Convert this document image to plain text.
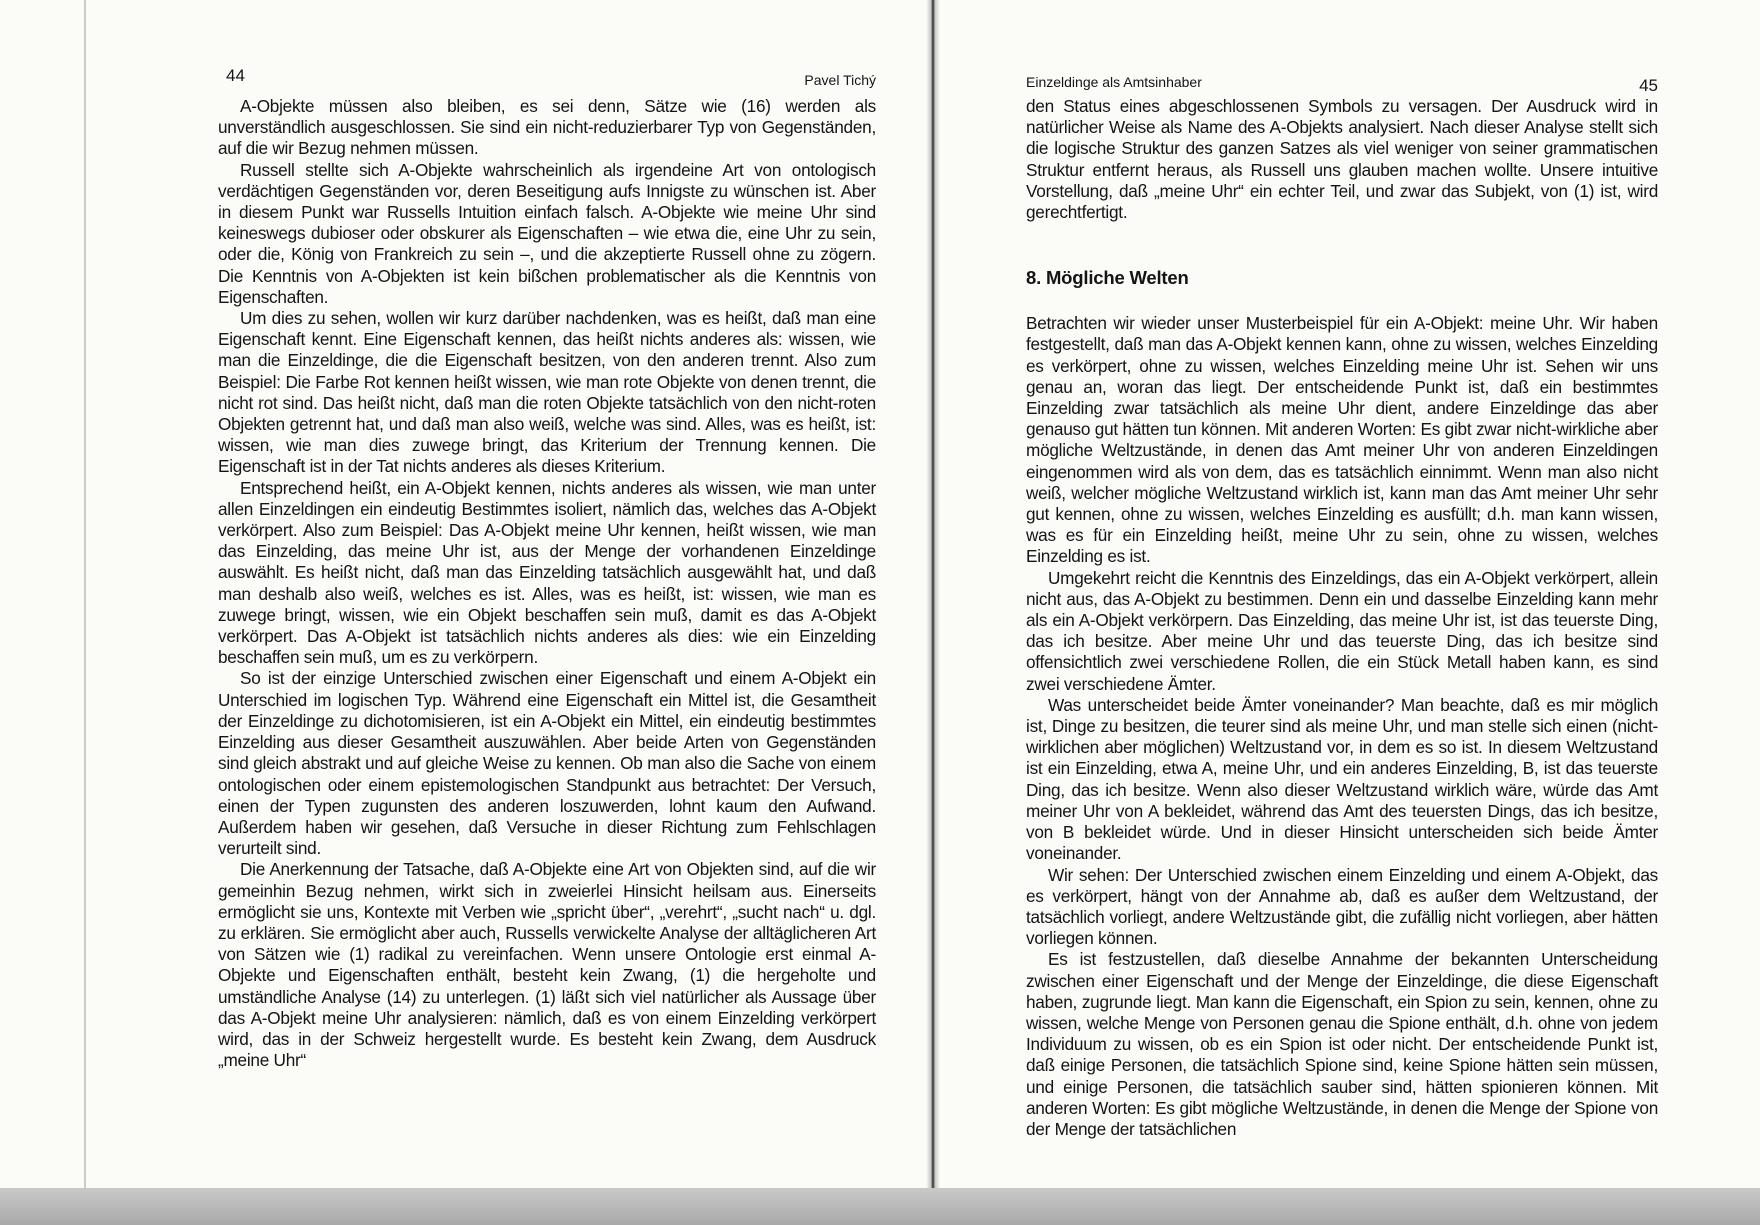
44	Pavel Tichý

A-Objekte müssen also bleiben, es sei denn, Sätze wie (16) werden als unverständlich ausgeschlossen. Sie sind ein nicht-reduzierbarer Typ von Gegenständen, auf die wir Bezug nehmen müssen.

Russell stellte sich A-Objekte wahrscheinlich als irgendeine Art von ontologisch verdächtigen Gegenständen vor, deren Beseitigung aufs Innigste zu wünschen ist. Aber in diesem Punkt war Russells Intuition einfach falsch. A-Objekte wie meine Uhr sind keineswegs dubioser oder obskurer als Eigenschaften – wie etwa die, eine Uhr zu sein, oder die, König von Frankreich zu sein –, und die akzeptierte Russell ohne zu zögern. Die Kenntnis von A-Objekten ist kein bißchen problematischer als die Kenntnis von Eigenschaften.

Um dies zu sehen, wollen wir kurz darüber nachdenken, was es heißt, daß man eine Eigenschaft kennt. Eine Eigenschaft kennen, das heißt nichts anderes als: wissen, wie man die Einzeldinge, die die Eigenschaft besitzen, von den anderen trennt. Also zum Beispiel: Die Farbe Rot kennen heißt wissen, wie man rote Objekte von denen trennt, die nicht rot sind. Das heißt nicht, daß man die roten Objekte tatsächlich von den nicht-roten Objekten getrennt hat, und daß man also weiß, welche was sind. Alles, was es heißt, ist: wissen, wie man dies zuwege bringt, das Kriterium der Trennung kennen. Die Eigenschaft ist in der Tat nichts anderes als dieses Kriterium.

Entsprechend heißt, ein A-Objekt kennen, nichts anderes als wissen, wie man unter allen Einzeldingen ein eindeutig Bestimmtes isoliert, nämlich das, welches das A-Objekt verkörpert. Also zum Beispiel: Das A-Objekt meine Uhr kennen, heißt wissen, wie man das Einzelding, das meine Uhr ist, aus der Menge der vorhandenen Einzeldinge auswählt. Es heißt nicht, daß man das Einzelding tatsächlich ausgewählt hat, und daß man deshalb also weiß, welches es ist. Alles, was es heißt, ist: wissen, wie man es zuwege bringt, wissen, wie ein Objekt beschaffen sein muß, damit es das A-Objekt verkörpert. Das A-Objekt ist tatsächlich nichts anderes als dies: wie ein Einzelding beschaffen sein muß, um es zu verkörpern.

So ist der einzige Unterschied zwischen einer Eigenschaft und einem A-Objekt ein Unterschied im logischen Typ. Während eine Eigenschaft ein Mittel ist, die Gesamtheit der Einzeldinge zu dichotomisieren, ist ein A-Objekt ein Mittel, ein eindeutig bestimmtes Einzelding aus dieser Gesamtheit auszuwählen. Aber beide Arten von Gegenständen sind gleich abstrakt und auf gleiche Weise zu kennen. Ob man also die Sache von einem ontologischen oder einem epistemologischen Standpunkt aus betrachtet: Der Versuch, einen der Typen zugunsten des anderen loszuwerden, lohnt kaum den Aufwand. Außerdem haben wir gesehen, daß Versuche in dieser Richtung zum Fehlschlagen verurteilt sind.

Die Anerkennung der Tatsache, daß A-Objekte eine Art von Objekten sind, auf die wir gemeinhin Bezug nehmen, wirkt sich in zweierlei Hinsicht heilsam aus. Einerseits ermöglicht sie uns, Kontexte mit Verben wie „spricht über“, „verehrt“, „sucht nach“ u. dgl. zu erklären. Sie ermöglicht aber auch, Russells verwickelte Analyse der alltäglicheren Art von Sätzen wie (1) radikal zu vereinfachen. Wenn unsere Ontologie erst einmal A-Objekte und Eigenschaften enthält, besteht kein Zwang, (1) die hergeholte und umständliche Analyse (14) zu unterlegen. (1) läßt sich viel natürlicher als Aussage über das A-Objekt meine Uhr analysieren: nämlich, daß es von einem Einzelding verkörpert wird, das in der Schweiz hergestellt wurde. Es besteht kein Zwang, dem Ausdruck „meine Uhr“

Einzeldinge als Amtsinhaber	45

den Status eines abgeschlossenen Symbols zu versagen. Der Ausdruck wird in natürlicher Weise als Name des A-Objekts analysiert. Nach dieser Analyse stellt sich die logische Struktur des ganzen Satzes als viel weniger von seiner grammatischen Struktur entfernt heraus, als Russell uns glauben machen wollte. Unsere intuitive Vorstellung, daß „meine Uhr“ ein echter Teil, und zwar das Subjekt, von (1) ist, wird gerechtfertigt.

8. Mögliche Welten

Betrachten wir wieder unser Musterbeispiel für ein A-Objekt: meine Uhr. Wir haben festgestellt, daß man das A-Objekt kennen kann, ohne zu wissen, welches Einzelding es verkörpert, ohne zu wissen, welches Einzelding meine Uhr ist. Sehen wir uns genau an, woran das liegt. Der entscheidende Punkt ist, daß ein bestimmtes Einzelding zwar tatsächlich als meine Uhr dient, andere Einzeldinge das aber genauso gut hätten tun können. Mit anderen Worten: Es gibt zwar nicht-wirkliche aber mögliche Weltzustände, in denen das Amt meiner Uhr von anderen Einzeldingen eingenommen wird als von dem, das es tatsächlich einnimmt. Wenn man also nicht weiß, welcher mögliche Weltzustand wirklich ist, kann man das Amt meiner Uhr sehr gut kennen, ohne zu wissen, welches Einzelding es ausfüllt; d.h. man kann wissen, was es für ein Einzelding heißt, meine Uhr zu sein, ohne zu wissen, welches Einzelding es ist.

Umgekehrt reicht die Kenntnis des Einzeldings, das ein A-Objekt verkörpert, allein nicht aus, das A-Objekt zu bestimmen. Denn ein und dasselbe Einzelding kann mehr als ein A-Objekt verkörpern. Das Einzelding, das meine Uhr ist, ist das teuerste Ding, das ich besitze. Aber meine Uhr und das teuerste Ding, das ich besitze sind offensichtlich zwei verschiedene Rollen, die ein Stück Metall haben kann, es sind zwei verschiedene Ämter.

Was unterscheidet beide Ämter voneinander? Man beachte, daß es mir möglich ist, Dinge zu besitzen, die teurer sind als meine Uhr, und man stelle sich einen (nicht-wirklichen aber möglichen) Weltzustand vor, in dem es so ist. In diesem Weltzustand ist ein Einzelding, etwa A, meine Uhr, und ein anderes Einzelding, B, ist das teuerste Ding, das ich besitze. Wenn also dieser Weltzustand wirklich wäre, würde das Amt meiner Uhr von A bekleidet, während das Amt des teuersten Dings, das ich besitze, von B bekleidet würde. Und in dieser Hinsicht unterscheiden sich beide Ämter voneinander.

Wir sehen: Der Unterschied zwischen einem Einzelding und einem A-Objekt, das es verkörpert, hängt von der Annahme ab, daß es außer dem Weltzustand, der tatsächlich vorliegt, andere Weltzustände gibt, die zufällig nicht vorliegen, aber hätten vorliegen können.

Es ist festzustellen, daß dieselbe Annahme der bekannten Unterscheidung zwischen einer Eigenschaft und der Menge der Einzeldinge, die diese Eigenschaft haben, zugrunde liegt. Man kann die Eigenschaft, ein Spion zu sein, kennen, ohne zu wissen, welche Menge von Personen genau die Spione enthält, d.h. ohne von jedem Individuum zu wissen, ob es ein Spion ist oder nicht. Der entscheidende Punkt ist, daß einige Personen, die tatsächlich Spione sind, keine Spione hätten sein müssen, und einige Personen, die tatsächlich sauber sind, hätten spionieren können. Mit anderen Worten: Es gibt mögliche Weltzustände, in denen die Menge der Spione von der Menge der tatsächlichen
